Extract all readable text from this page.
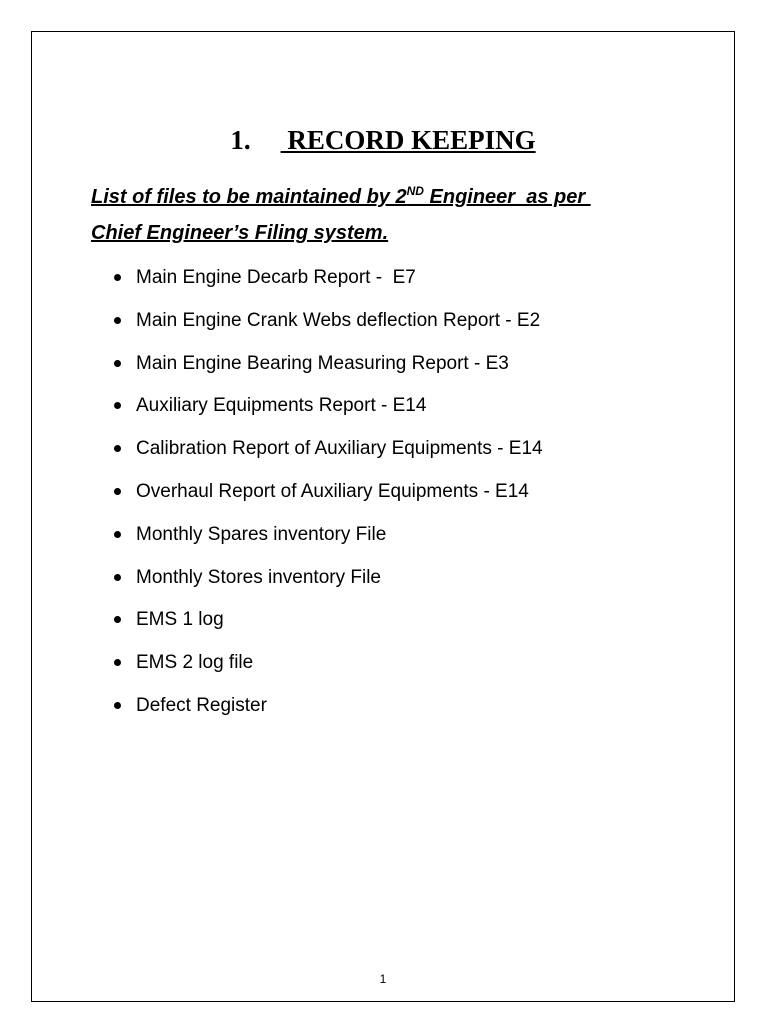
1. RECORD KEEPING
List of files to be maintained by 2ND Engineer  as per
Chief Engineer’s Filing system.
Main Engine Decarb Report -  E7
Main Engine Crank Webs deflection Report - E2
Main Engine Bearing Measuring Report - E3
Auxiliary Equipments Report - E14
Calibration Report of Auxiliary Equipments - E14
Overhaul Report of Auxiliary Equipments - E14
Monthly Spares inventory File
Monthly Stores inventory File
EMS 1 log
EMS 2 log file
Defect Register
1
